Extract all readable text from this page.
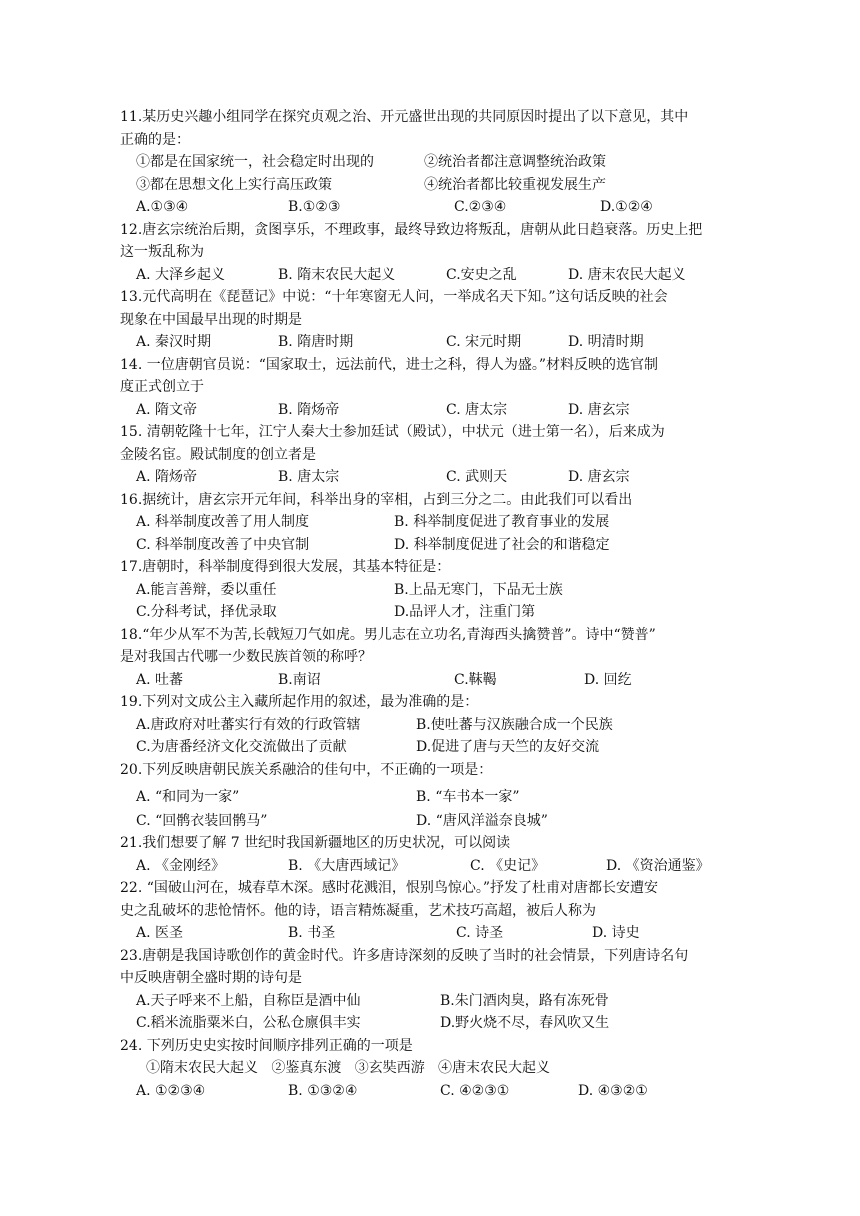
11.某历史兴趣小组同学在探究贞观之治、开元盛世出现的共同原因时提出了以下意见，其中
正确的是：
①都是在国家统一，社会稳定时出现的	②统治者都注意调整统治政策
③都在思想文化上实行高压政策	④统治者都比较重视发展生产
A.①③④	B.①②③	C.②③④	D.①②④
12.唐玄宗统治后期，贪图享乐，不理政事，最终导致边将叛乱，唐朝从此日趋衰落。历史上把
这一叛乱称为
A. 大泽乡起义	B. 隋末农民大起义	C.安史之乱	D. 唐末农民大起义
13.元代高明在《琵琶记》中说：“十年寒窗无人问，一举成名天下知。”这句话反映的社会
现象在中国最早出现的时期是
A. 秦汉时期	B. 隋唐时期	C. 宋元时期	D. 明清时期
14. 一位唐朝官员说：“国家取士，远法前代，进士之科，得人为盛。”材料反映的选官制
度正式创立于
A. 隋文帝	B. 隋炀帝	C. 唐太宗	D. 唐玄宗
15. 清朝乾隆十七年，江宁人秦大士参加廷试（殿试），中状元（进士第一名），后来成为
金陵名宦。殿试制度的创立者是
A. 隋炀帝	B. 唐太宗	C. 武则天	D. 唐玄宗
16.据统计，唐玄宗开元年间，科举出身的宰相，占到三分之二。由此我们可以看出
A. 科举制度改善了用人制度	B. 科举制度促进了教育事业的发展
C. 科举制度改善了中央官制	D. 科举制度促进了社会的和谐稳定
17.唐朝时，科举制度得到很大发展，其基本特征是：
A.能言善辩，委以重任	B.上品无寒门，下品无士族
C.分科考试，择优录取	D.品评人才，注重门第
18.“年少从军不为苦,长戟短刀气如虎。男儿志在立功名,青海西头擒赞普”。诗中“赞普”
是对我国古代哪一少数民族首领的称呼？
A. 吐蕃	B.南诏	C.靺鞨	D. 回纥
19.下列对文成公主入藏所起作用的叙述，最为准确的是：
A.唐政府对吐蕃实行有效的行政管辖	B.使吐蕃与汉族融合成一个民族
C.为唐番经济文化交流做出了贡献	D.促进了唐与天竺的友好交流
20.下列反映唐朝民族关系融洽的佳句中，不正确的一项是：
A. “和同为一家”	B. “车书本一家”
C. “回鹘衣装回鹘马”	D. “唐风洋溢奈良城”
21.我们想要了解 7 世纪时我国新疆地区的历史状况，可以阅读
A. 《金刚经》	B. 《大唐西域记》	C. 《史记》	D. 《资治通鉴》
22. “国破山河在，城春草木深。感时花溅泪，恨别鸟惊心。”抒发了杜甫对唐都长安遭安
史之乱破坏的悲怆情怀。他的诗，语言精炼凝重，艺术技巧高超，被后人称为
A. 医圣	B. 书圣	C. 诗圣	D. 诗史
23.唐朝是我国诗歌创作的黄金时代。许多唐诗深刻的反映了当时的社会情景，下列唐诗名句
中反映唐朝全盛时期的诗句是
A.天子呼来不上船，自称臣是酒中仙	B.朱门酒肉臭，路有冻死骨
C.稻米流脂粟米白，公私仓廪俱丰实	D.野火烧不尽，春风吹又生
24. 下列历史史实按时间顺序排列正确的一项是
①隋末农民大起义   ②鉴真东渡   ③玄奘西游   ④唐末农民大起义
A. ①②③④	B. ①③②④	C. ④②③①	D. ④③②①
